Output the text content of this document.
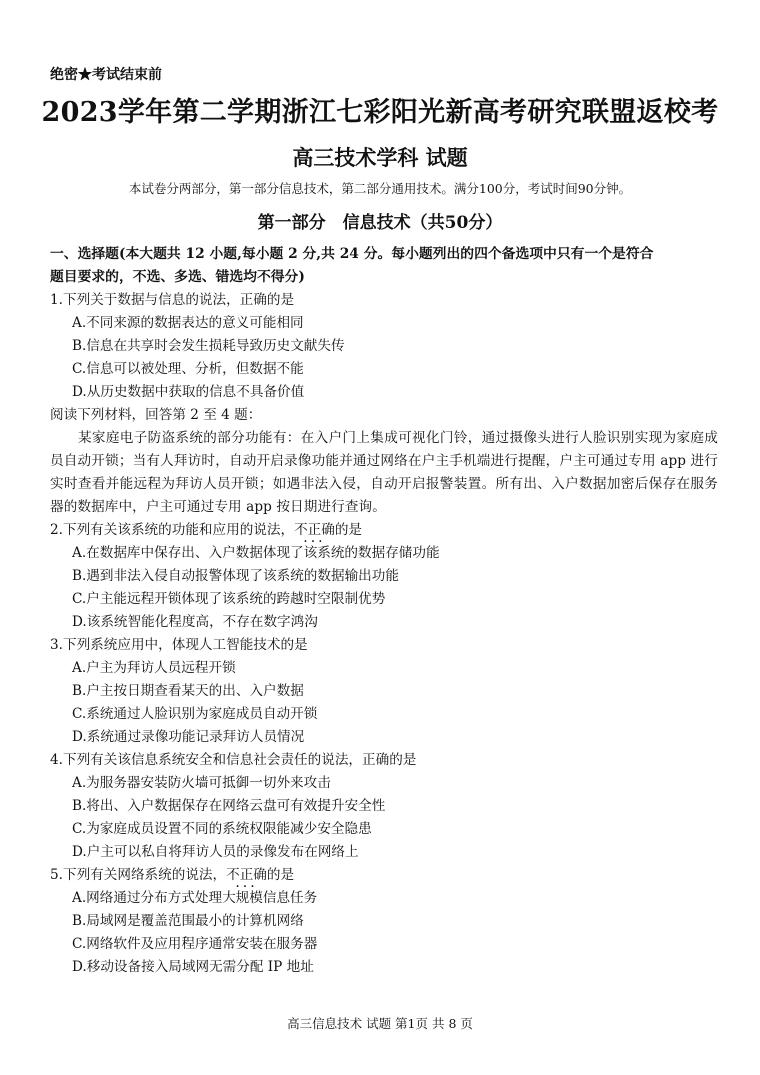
绝密★考试结束前
2023学年第二学期浙江七彩阳光新高考研究联盟返校考
高三技术学科 试题
本试卷分两部分，第一部分信息技术，第二部分通用技术。满分100分，考试时间90分钟。
第一部分　信息技术（共50分）
一、选择题(本大题共 12 小题,每小题 2 分,共 24 分。每小题列出的四个备选项中只有一个是符合
题目要求的，不选、多选、错选均不得分)
1.下列关于数据与信息的说法，正确的是
A.不同来源的数据表达的意义可能相同
B.信息在共享时会发生损耗导致历史文献失传
C.信息可以被处理、分析，但数据不能
D.从历史数据中获取的信息不具备价值
阅读下列材料，回答第 2 至 4 题：

某家庭电子防盗系统的部分功能有：在入户门上集成可视化门铃，通过摄像头进行人脸识别实现为家庭成员自动开锁；当有人拜访时，自动开启录像功能并通过网络在户主手机端进行提醒，户主可通过专用 app 进行实时查看并能远程为拜访人员开锁；如遇非法入侵，自动开启报警装置。所有出、入户数据加密后保存在服务器的数据库中，户主可通过专用 app 按日期进行查询。

2.下列有关该系统的功能和应用的说法，不正确 ···的是
A.在数据库中保存出、入户数据体现了该系统的数据存储功能
B.遇到非法入侵自动报警体现了该系统的数据输出功能
C.户主能远程开锁体现了该系统的跨越时空限制优势
D.该系统智能化程度高，不存在数字鸿沟
3.下列系统应用中，体现人工智能技术的是
A.户主为拜访人员远程开锁
B.户主按日期查看某天的出、入户数据
C.系统通过人脸识别为家庭成员自动开锁
D.系统通过录像功能记录拜访人员情况
4.下列有关该信息系统安全和信息社会责任的说法，正确的是
A.为服务器安装防火墙可抵御一切外来攻击
B.将出、入户数据保存在网络云盘可有效提升安全性
C.为家庭成员设置不同的系统权限能减少安全隐患
D.户主可以私自将拜访人员的录像发布在网络上
5.下列有关网络系统的说法，不正确 ···的是
A.网络通过分布方式处理大规模信息任务
B.局域网是覆盖范围最小的计算机网络
C.网络软件及应用程序通常安装在服务器
D.移动设备接入局域网无需分配 IP 地址
高三信息技术 试题 第1页 共 8 页
